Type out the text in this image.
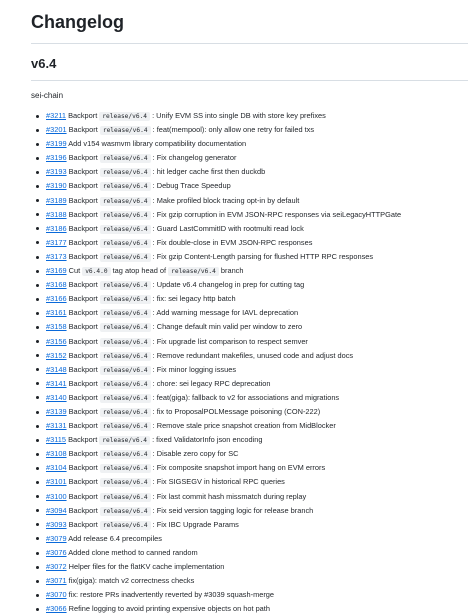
Changelog
v6.4

sei-chain

#3211 Backport release/v6.4 : Unify EVM SS into single DB with store key prefixes
#3201 Backport release/v6.4 : feat(mempool): only allow one retry for failed txs
#3199 Add v154 wasmvm library compatibility documentation
#3196 Backport release/v6.4 : Fix changelog generator
#3193 Backport release/v6.4 : hit ledger cache first then duckdb
#3190 Backport release/v6.4 : Debug Trace Speedup
#3189 Backport release/v6.4 : Make profiled block tracing opt-in by default
#3188 Backport release/v6.4 : Fix gzip corruption in EVM JSON-RPC responses via seiLegacyHTTPGate
#3186 Backport release/v6.4 : Guard LastCommitID with rootmulti read lock
#3177 Backport release/v6.4 : Fix double-close in EVM JSON-RPC responses
#3173 Backport release/v6.4 : Fix gzip Content-Length parsing for flushed HTTP RPC responses
#3169 Cut v6.4.0 tag atop head of release/v6.4 branch
#3168 Backport release/v6.4 : Update v6.4 changelog in prep for cutting tag
#3166 Backport release/v6.4 : fix: sei legacy http batch
#3161 Backport release/v6.4 : Add warning message for IAVL deprecation
#3158 Backport release/v6.4 : Change default min valid per window to zero
#3156 Backport release/v6.4 : Fix upgrade list comparison to respect semver
#3152 Backport release/v6.4 : Remove redundant makefiles, unused code and adjust docs
#3148 Backport release/v6.4 : Fix minor logging issues
#3141 Backport release/v6.4 : chore: sei legacy RPC deprecation
#3140 Backport release/v6.4 : feat(giga): fallback to v2 for associations and migrations
#3139 Backport release/v6.4 : fix to ProposalPOLMessage poisoning (CON-222)
#3131 Backport release/v6.4 : Remove stale price snapshot creation from MidBlocker
#3115 Backport release/v6.4 : fixed ValidatorInfo json encoding
#3108 Backport release/v6.4 : Disable zero copy for SC
#3104 Backport release/v6.4 : Fix composite snapshot import hang on EVM errors
#3101 Backport release/v6.4 : Fix SIGSEGV in historical RPC queries
#3100 Backport release/v6.4 : Fix last commit hash missmatch during replay
#3094 Backport release/v6.4 : Fix seid version tagging logic for release branch
#3093 Backport release/v6.4 : Fix IBC Upgrade Params
#3079 Add release 6.4 precompiles
#3076 Added clone method to canned random
#3072 Helper files for the flatKV cache implementation
#3071 fix(giga): match v2 correctness checks
#3070 fix: restore PRs inadvertently reverted by #3039 squash-merge
#3066 Refine logging to avoid printing expensive objects on hot path
